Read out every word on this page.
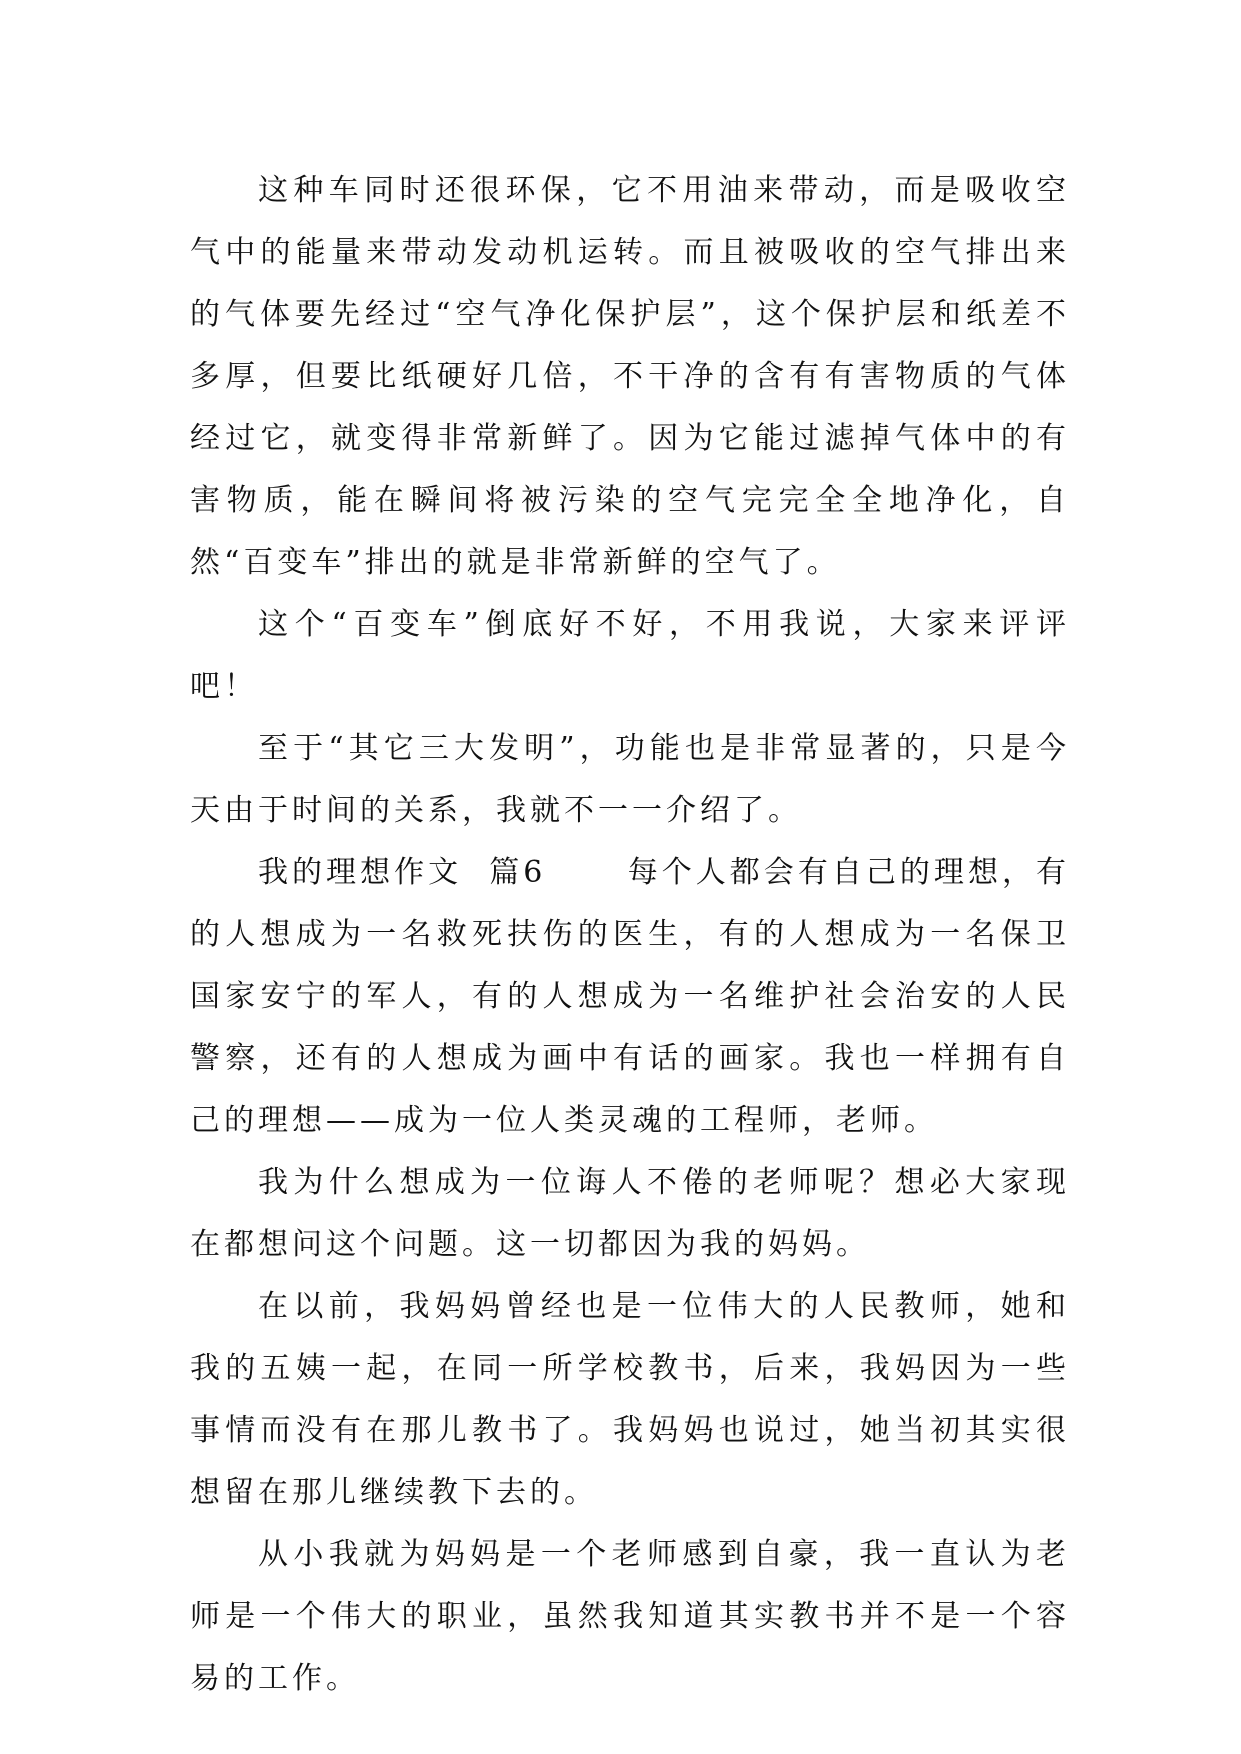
这种车同时还很环保，它不用油来带动，而是吸收空气中的能量来带动发动机运转。而且被吸收的空气排出来的气体要先经过“空气净化保护层”，这个保护层和纸差不多厚，但要比纸硬好几倍，不干净的含有有害物质的气体经过它，就变得非常新鲜了。因为它能过滤掉气体中的有害物质，能在瞬间将被污染的空气完完全全地净化，自然“百变车”排出的就是非常新鲜的空气了。

这个“百变车”倒底好不好，不用我说，大家来评评吧！

至于“其它三大发明”，功能也是非常显著的，只是今天由于时间的关系，我就不一一介绍了。

我的理想作文  篇6      每个人都会有自己的理想，有的人想成为一名救死扶伤的医生，有的人想成为一名保卫国家安宁的军人，有的人想成为一名维护社会治安的人民警察，还有的人想成为画中有话的画家。我也一样拥有自己的理想——成为一位人类灵魂的工程师，老师。

我为什么想成为一位诲人不倦的老师呢？想必大家现在都想问这个问题。这一切都因为我的妈妈。

在以前，我妈妈曾经也是一位伟大的人民教师，她和我的五姨一起，在同一所学校教书，后来，我妈因为一些事情而没有在那儿教书了。我妈妈也说过，她当初其实很想留在那儿继续教下去的。

从小我就为妈妈是一个老师感到自豪，我一直认为老师是一个伟大的职业，虽然我知道其实教书并不是一个容易的工作。
